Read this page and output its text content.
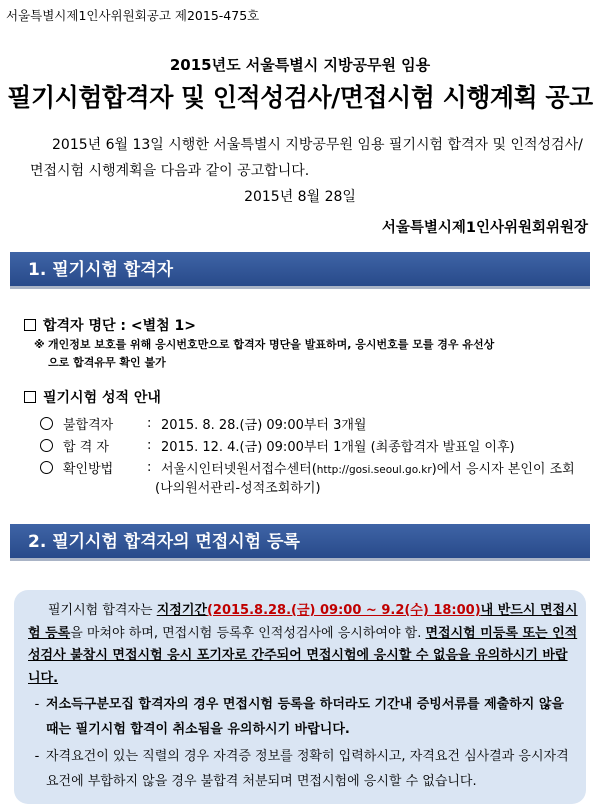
서울특별시제1인사위원회공고 제2015-475호
2015년도 서울특별시 지방공무원 임용
필기시험합격자 및 인적성검사/면접시험 시행계획 공고
2015년 6월 13일 시행한 서울특별시 지방공무원 임용 필기시험 합격자 및 인적성검사/면접시험 시행계획을 다음과 같이 공고합니다.
2015년 8월 28일
서울특별시제1인사위원회위원장
1. 필기시험 합격자
합격자 명단 : <별첨 1>
※ 개인정보 보호를 위해 응시번호만으로 합격자 명단을 발표하며, 응시번호를 모를 경우 유선상
으로 합격유무 확인 불가
필기시험 성적 안내
불합격자	: 2015. 8. 28.(금) 09:00부터 3개월
합 격 자	: 2015. 12. 4.(금) 09:00부터 1개월 (최종합격자 발표일 이후)
확인방법	: 서울시인터넷원서접수센터(http://gosi.seoul.go.kr)에서 응시자 본인이 조회
(나의원서관리-성적조회하기)
2. 필기시험 합격자의 면접시험 등록

필기시험 합격자는 지정기간(2015.8.28.(금) 09:00 ~ 9.2(수) 18:00)내 반드시 면접시험 등록을 마쳐야 하며, 면접시험 등록후 인적성검사에 응시하여야 함. 면접시험 미등록 또는 인적성검사 불참시 면접시험 응시 포기자로 간주되어 면접시험에 응시할 수 없음을 유의하시기 바랍니다.

- 저소득구분모집 합격자의 경우 면접시험 등록을 하더라도 기간내 증빙서류를 제출하지 않을 때는 필기시험 합격이 취소됨을 유의하시기 바랍니다.
- 자격요건이 있는 직렬의 경우 자격증 정보를 정확히 입력하시고, 자격요건 심사결과 응시자격 요건에 부합하지 않을 경우 불합격 처분되며 면접시험에 응시할 수 없습니다.
